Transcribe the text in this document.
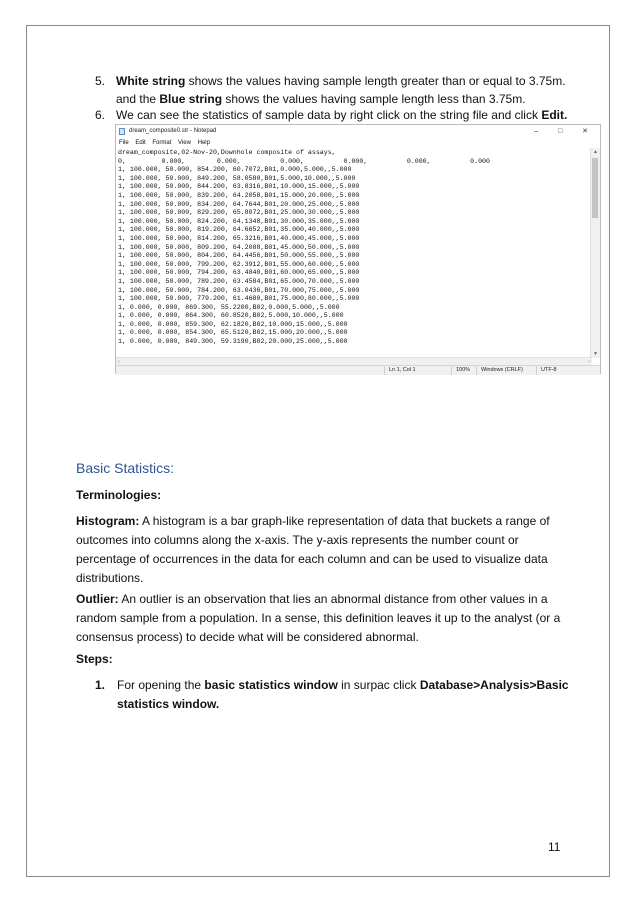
5. White string shows the values having sample length greater than or equal to 3.75m.
and the Blue string shows the values having sample length less than 3.75m.
6. We can see the statistics of sample data by right click on the string file and click Edit.
dream_composite0.str - Notepad	– □ ✕
File Edit Format View Help
dream_composite,02-Nov-20,Downhole composite of assays,
0,         0.000,        0.000,          0.000,          0.000,          0.000,          0.000
1, 100.000, 50.000, 854.200, 60.7072,B01,0.000,5.000,,5.000
1, 100.000, 50.000, 849.200, 58.0580,B01,5.000,10.000,,5.000
1, 100.000, 50.000, 844.200, 63.8316,B01,10.000,15.000,,5.000
1, 100.000, 50.000, 839.200, 64.2058,B01,15.000,20.000,,5.000
1, 100.000, 50.000, 834.200, 64.7644,B01,20.000,25.000,,5.000
1, 100.000, 50.000, 829.200, 65.8072,B01,25.000,30.000,,5.000
1, 100.000, 50.000, 824.200, 64.1348,B01,30.000,35.000,,5.000
1, 100.000, 50.000, 819.200, 64.6652,B01,35.000,40.000,,5.000
1, 100.000, 50.000, 814.200, 65.3216,B01,40.000,45.000,,5.000
1, 100.000, 50.000, 809.200, 64.2088,B01,45.000,50.000,,5.000
1, 100.000, 50.000, 804.200, 64.4456,B01,50.000,55.000,,5.000
1, 100.000, 50.000, 799.200, 62.3912,B01,55.000,60.000,,5.000
1, 100.000, 50.000, 794.200, 63.4840,B01,60.000,65.000,,5.000
1, 100.000, 50.000, 789.200, 63.4584,B01,65.000,70.000,,5.000
1, 100.000, 50.000, 784.200, 63.0436,B01,70.000,75.000,,5.000
1, 100.000, 50.000, 779.200, 61.4680,B01,75.000,80.000,,5.000
1, 0.000, 0.000, 869.300, 55.2200,B02,0.000,5.000,,5.000
1, 0.000, 0.000, 864.300, 60.8520,B02,5.000,10.000,,5.000
1, 0.000, 0.000, 859.300, 62.1820,B02,10.000,15.000,,5.000
1, 0.000, 0.000, 854.300, 65.5120,B02,15.000,20.000,,5.000
1, 0.000, 0.000, 849.300, 59.3190,B02,20.000,25.000,,5.000
▲
▼
‹	›
Ln 1, Col 1	100%	Windows (CRLF)	UTF-8
Basic Statistics:
Terminologies:
Histogram: A histogram is a bar graph-like representation of data that buckets a range of
outcomes into columns along the x-axis. The y-axis represents the number count or
percentage of occurrences in the data for each column and can be used to visualize data
distributions.
Outlier: An outlier is an observation that lies an abnormal distance from other values in a
random sample from a population. In a sense, this definition leaves it up to the analyst (or a
consensus process) to decide what will be considered abnormal.
Steps:
1. For opening the basic statistics window in surpac click Database>Analysis>Basic
statistics window.
11
